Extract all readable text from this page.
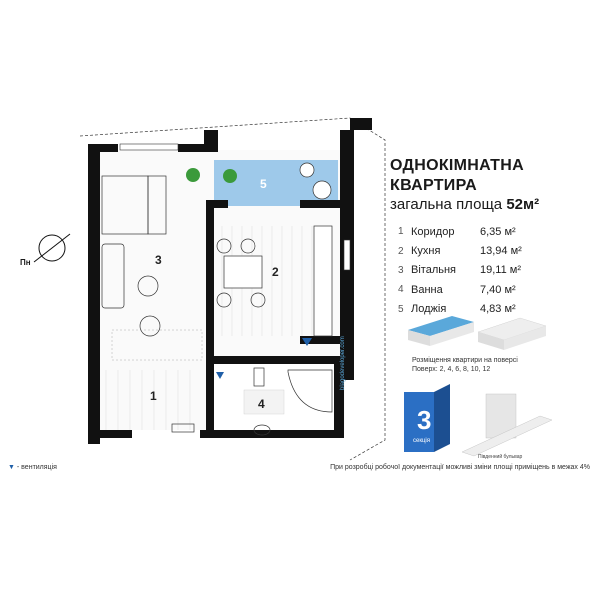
3
2
5
1
4
Пн
ОДНОКІМНАТНА
КВАРТИРА
загальна площа 52м²
1 Коридор	6,35 м²
2 Кухня	13,94 м²
3 Вітальня	19,11 м²
4 Ванна	7,40 м²
5 Лоджія	4,83 м²
Розміщення квартири на поверсі
Поверх: 2, 4, 6, 8, 10, 12
3
секція
Південний бульвар
blagodeveloper.com
▼ - вентиляція	При розробці робочої документації можливі зміни площі приміщень в межах 4%
